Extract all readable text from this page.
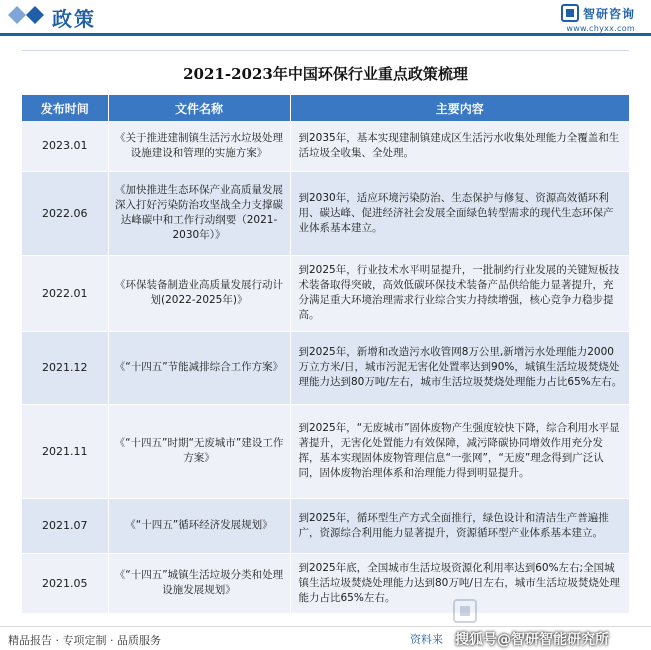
政策	智研咨询
www.chyxx.com
2021-2023年中国环保行业重点政策梳理
发布时间	文件名称	主要内容
2023.01	《关于推进建制镇生活污水垃圾处理设施建设和管理的实施方案》	到2035年，基本实现建制镇建成区生活污水收集处理能力全覆盖和生活垃圾全收集、全处理。
2022.06	《加快推进生态环保产业高质量发展深入打好污染防治攻坚战全力支撑碳达峰碳中和工作行动纲要（2021-2030年）》	到2030年，适应环境污染防治、生态保护与修复、资源高效循环利用、碳达峰、促进经济社会发展全面绿色转型需求的现代生态环保产业体系基本建立。
2022.01	《环保装备制造业高质量发展行动计划(2022-2025年)》	到2025年，行业技术水平明显提升，一批制约行业发展的关键短板技术装备取得突破，高效低碳环保技术装备产品供给能力显著提升，充分满足重大环境治理需求行业综合实力持续增强，核心竞争力稳步提高。
2021.12	《“十四五”节能减排综合工作方案》	到2025年，新增和改造污水收管网8万公里,新增污水处理能力2000万立方米/日，城市污泥无害化处置率达到90%，城镇生活垃圾焚烧处理能力达到80万吨/左右，城市生活垃圾焚烧处理能力占比65%左右。
2021.11	《“十四五”时期“无废城市”建设工作方案》	到2025年，“无废城市”固体废物产生强度较快下降，综合利用水平显著提升，无害化处置能力有效保障，减污降碳协同增效作用充分发挥，基本实现固体废物管理信息“一张网”，“无废”理念得到广泛认同，固体废物治理体系和治理能力得到明显提升。
2021.07	《“十四五”循环经济发展规划》	到2025年，循环型生产方式全面推行，绿色设计和清洁生产普遍推广，资源综合利用能力显著提升，资源循环型产业体系基本建立。
2021.05	《“十四五”城镇生活垃圾分类和处理设施发展规划》	到2025年底，全国城市生活垃圾资源化利用率达到60%左右;全国城镇生活垃圾焚烧处理能力达到80万吨/日左右，城市生活垃圾焚烧处理能力占比65%左右。
精品报告 · 专项定制 · 品质服务	资料来 搜狐号@智研智能研究所
